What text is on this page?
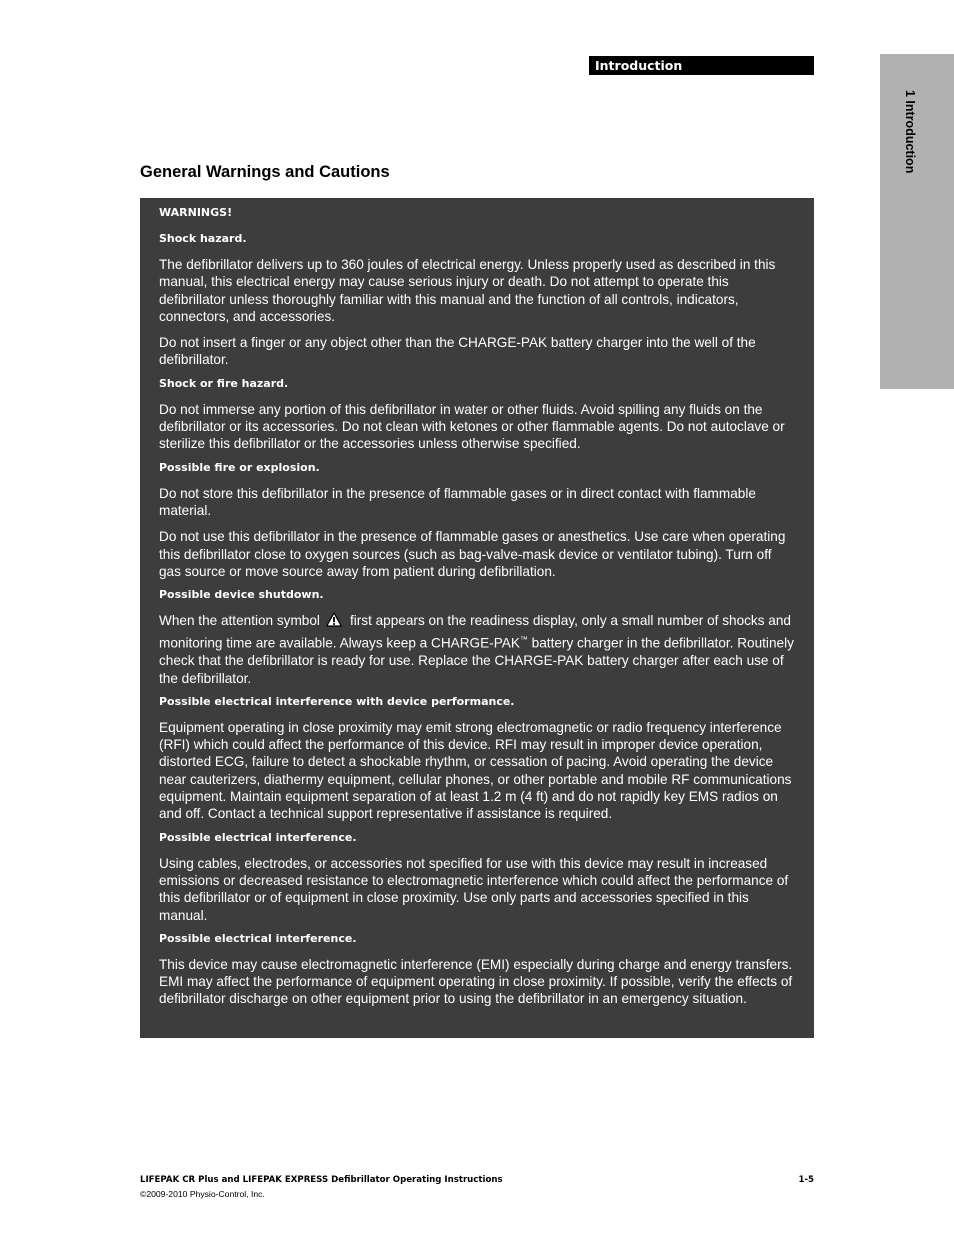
Introduction
1 Introduction
General Warnings and Cautions
WARNINGS!
Shock hazard.

The defibrillator delivers up to 360 joules of electrical energy. Unless properly used as described in this manual, this electrical energy may cause serious injury or death. Do not attempt to operate this defibrillator unless thoroughly familiar with this manual and the function of all controls, indicators, connectors, and accessories.

Do not insert a finger or any object other than the CHARGE-PAK battery charger into the well of the defibrillator.

Shock or fire hazard.

Do not immerse any portion of this defibrillator in water or other fluids. Avoid spilling any fluids on the defibrillator or its accessories. Do not clean with ketones or other flammable agents. Do not autoclave or sterilize this defibrillator or the accessories unless otherwise specified.

Possible fire or explosion.

Do not store this defibrillator in the presence of flammable gases or in direct contact with flammable material.

Do not use this defibrillator in the presence of flammable gases or anesthetics. Use care when operating this defibrillator close to oxygen sources (such as bag-valve-mask device or ventilator tubing). Turn off gas source or move source away from patient during defibrillation.

Possible device shutdown.

When the attention symbol first appears on the readiness display, only a small number of shocks and monitoring time are available. Always keep a CHARGE-PAK™ battery charger in the defibrillator. Routinely check that the defibrillator is ready for use. Replace the CHARGE-PAK battery charger after each use of the defibrillator.

Possible electrical interference with device performance.

Equipment operating in close proximity may emit strong electromagnetic or radio frequency interference (RFI) which could affect the performance of this device. RFI may result in improper device operation, distorted ECG, failure to detect a shockable rhythm, or cessation of pacing. Avoid operating the device near cauterizers, diathermy equipment, cellular phones, or other portable and mobile RF communications equipment. Maintain equipment separation of at least 1.2 m (4 ft) and do not rapidly key EMS radios on and off. Contact a technical support representative if assistance is required.

Possible electrical interference.

Using cables, electrodes, or accessories not specified for use with this device may result in increased emissions or decreased resistance to electromagnetic interference which could affect the performance of this defibrillator or of equipment in close proximity. Use only parts and accessories specified in this manual.

Possible electrical interference.

This device may cause electromagnetic interference (EMI) especially during charge and energy transfers. EMI may affect the performance of equipment operating in close proximity. If possible, verify the effects of defibrillator discharge on other equipment prior to using the defibrillator in an emergency situation.

LIFEPAK CR Plus and LIFEPAK EXPRESS Defibrillator Operating Instructions
©2009-2010 Physio-Control, Inc.
1-5
